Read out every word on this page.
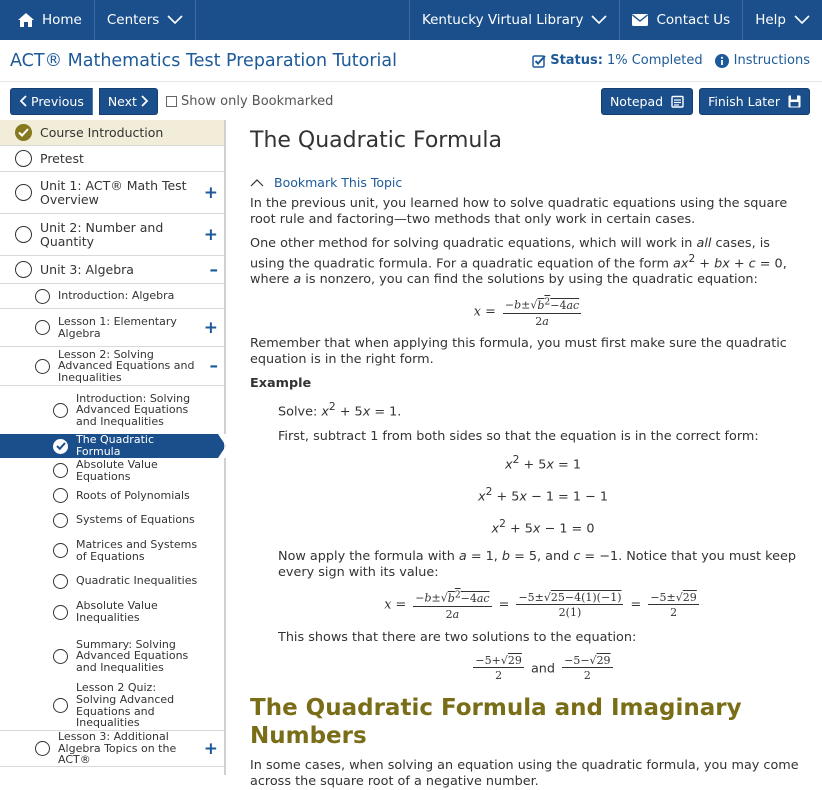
Home Centers	Kentucky Virtual Library	Contact Us Help
ACT® Mathematics Test Preparation Tutorial	Status: 1% Completed Instructions
Previous Next	Show only Bookmarked	Notepad	Finish Later
Course Introduction
Pretest
Unit 1: ACT® Math Test Overview	+
Unit 2: Number and Quantity	+
Unit 3: Algebra	–
Introduction: Algebra
Lesson 1: Elementary Algebra	+
Lesson 2: Solving Advanced Equations and Inequalities
–
Introduction: Solving Advanced Equations and Inequalities
The Quadratic Formula
Absolute Value Equations
Roots of Polynomials
Systems of Equations
Matrices and Systems of Equations
Quadratic Inequalities
Absolute Value Inequalities
Summary: Solving Advanced Equations and Inequalities
Lesson 2 Quiz: Solving Advanced Equations and Inequalities
Lesson 3: Additional Algebra Topics on the ACT®
+
The Quadratic Formula
Bookmark This Topic

In the previous unit, you learned how to solve quadratic equations using the square root rule and factoring—two methods that only work in certain cases.

One other method for solving quadratic equations, which will work in all cases, is using the quadratic formula. For a quadratic equation of the form $ax^2$ + bx + c = 0, where a is nonzero, you can find the solutions by using the quadratic equation:

$x = \frac{-b\pm√b^2-4ac}{2a}$

Remember that when applying this formula, you must first make sure the quadratic equation is in the right form.

Example

Solve: $x^2 + 5x = 1$.

First, subtract 1 from both sides so that the equation is in the correct form:

$x^2 + 5x = 1$
$x^2 + 5x - 1 = 1 - 1$
$x^2 + 5x - 1 = 0$

Now apply the formula with a = 1, b = 5, and c = −1. Notice that you must keep every sign with its value:

$x = \frac{-b\pm√b^2-4ac}{2a} = \frac{-5\pm√25-4(1)(-1)}{2(1)} = \frac{-5\pm√29}{2}$

This shows that there are two solutions to the equation:

$\frac{-5+√29}{2}$ and $\frac{-5-√29}{2}$
The Quadratic Formula and Imaginary Numbers

In some cases, when solving an equation using the quadratic formula, you may come across the square root of a negative number.
